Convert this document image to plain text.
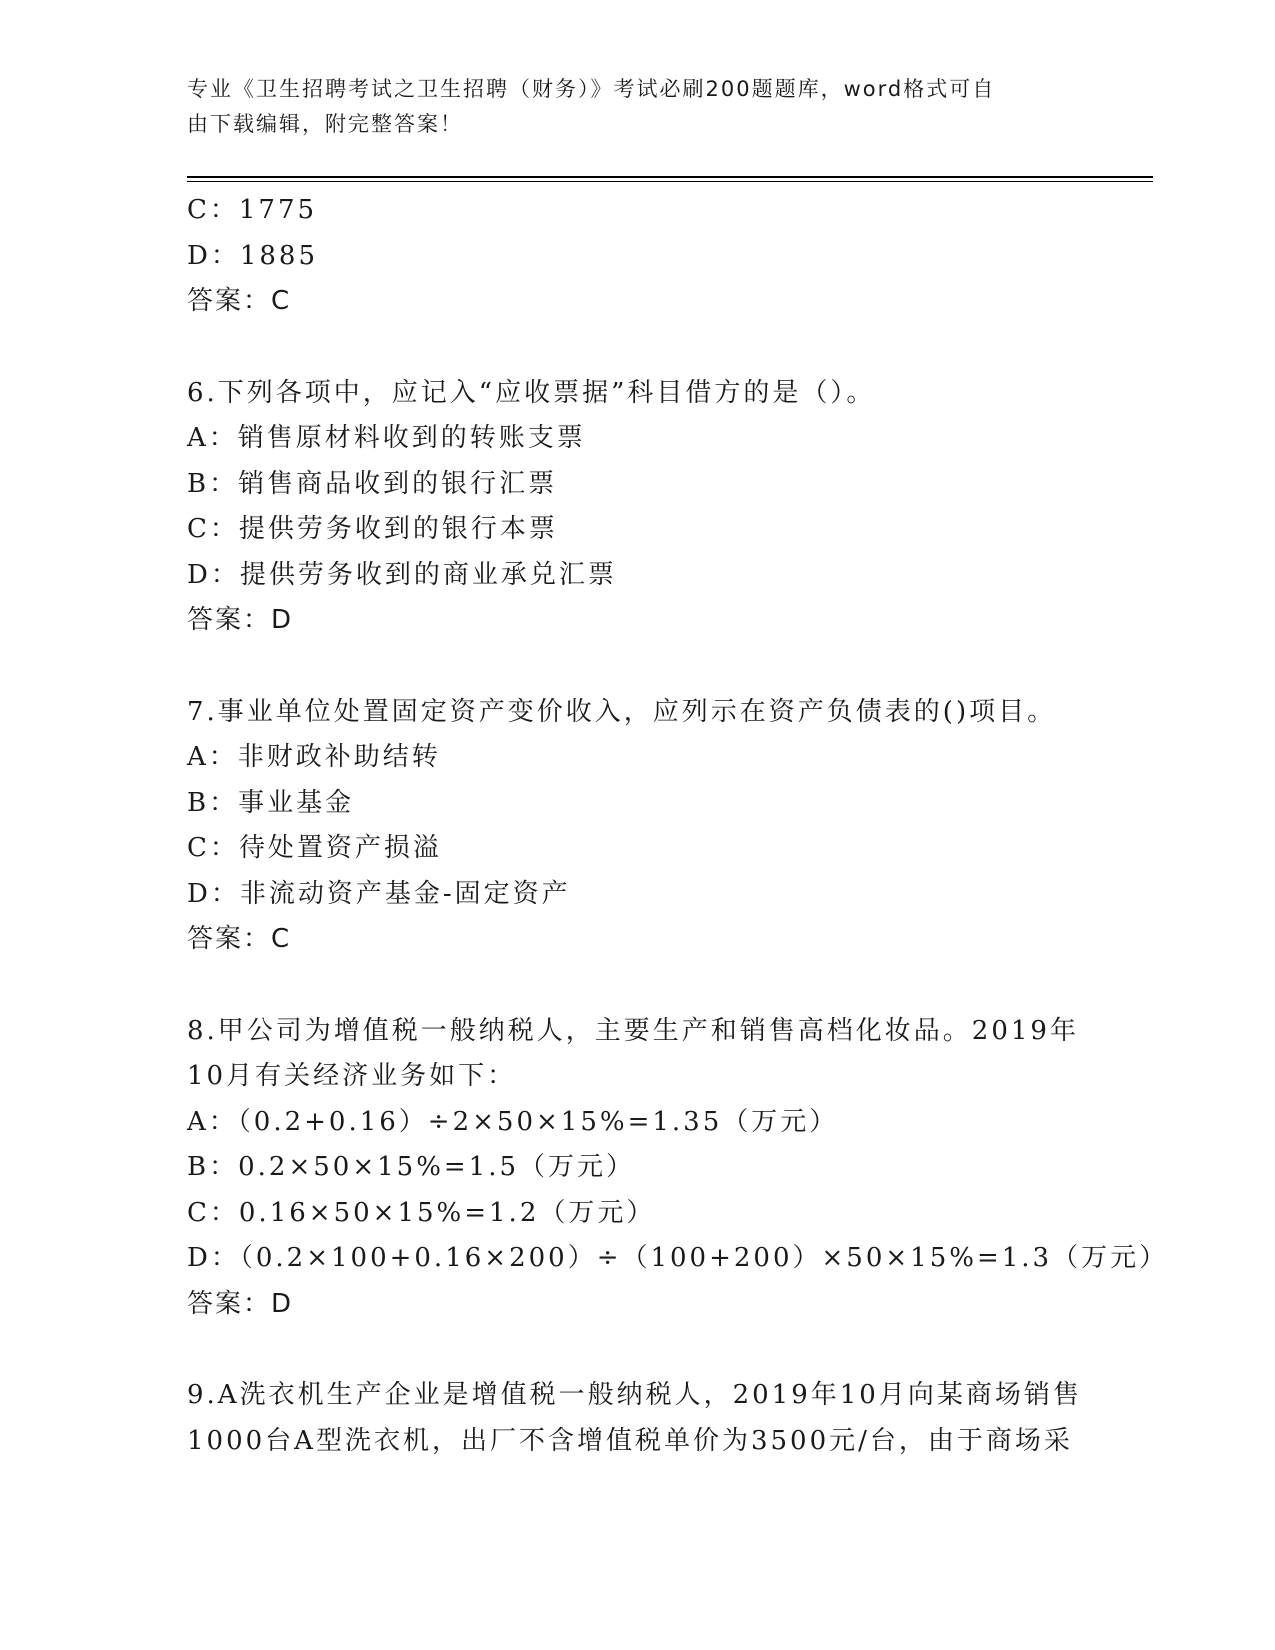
专业《卫生招聘考试之卫生招聘（财务）》考试必刷200题题库，word格式可自
由下载编辑，附完整答案！
C：1775
D：1885
答案：C
6.下列各项中，应记入“应收票据”科目借方的是（）。
A：销售原材料收到的转账支票
B：销售商品收到的银行汇票
C：提供劳务收到的银行本票
D：提供劳务收到的商业承兑汇票
答案：D
7.事业单位处置固定资产变价收入，应列示在资产负债表的()项目。
A：非财政补助结转
B：事业基金
C：待处置资产损溢
D：非流动资产基金-固定资产
答案：C
8.甲公司为增值税一般纳税人，主要生产和销售高档化妆品。2019年
10月有关经济业务如下：
A：（0.2+0.16）÷2×50×15%=1.35（万元）
B：0.2×50×15%=1.5（万元）
C：0.16×50×15%=1.2（万元）
D：（0.2×100+0.16×200）÷（100+200）×50×15%=1.3（万元）
答案：D
9.A洗衣机生产企业是增值税一般纳税人，2019年10月向某商场销售
1000台A型洗衣机，出厂不含增值税单价为3500元/台，由于商场采
